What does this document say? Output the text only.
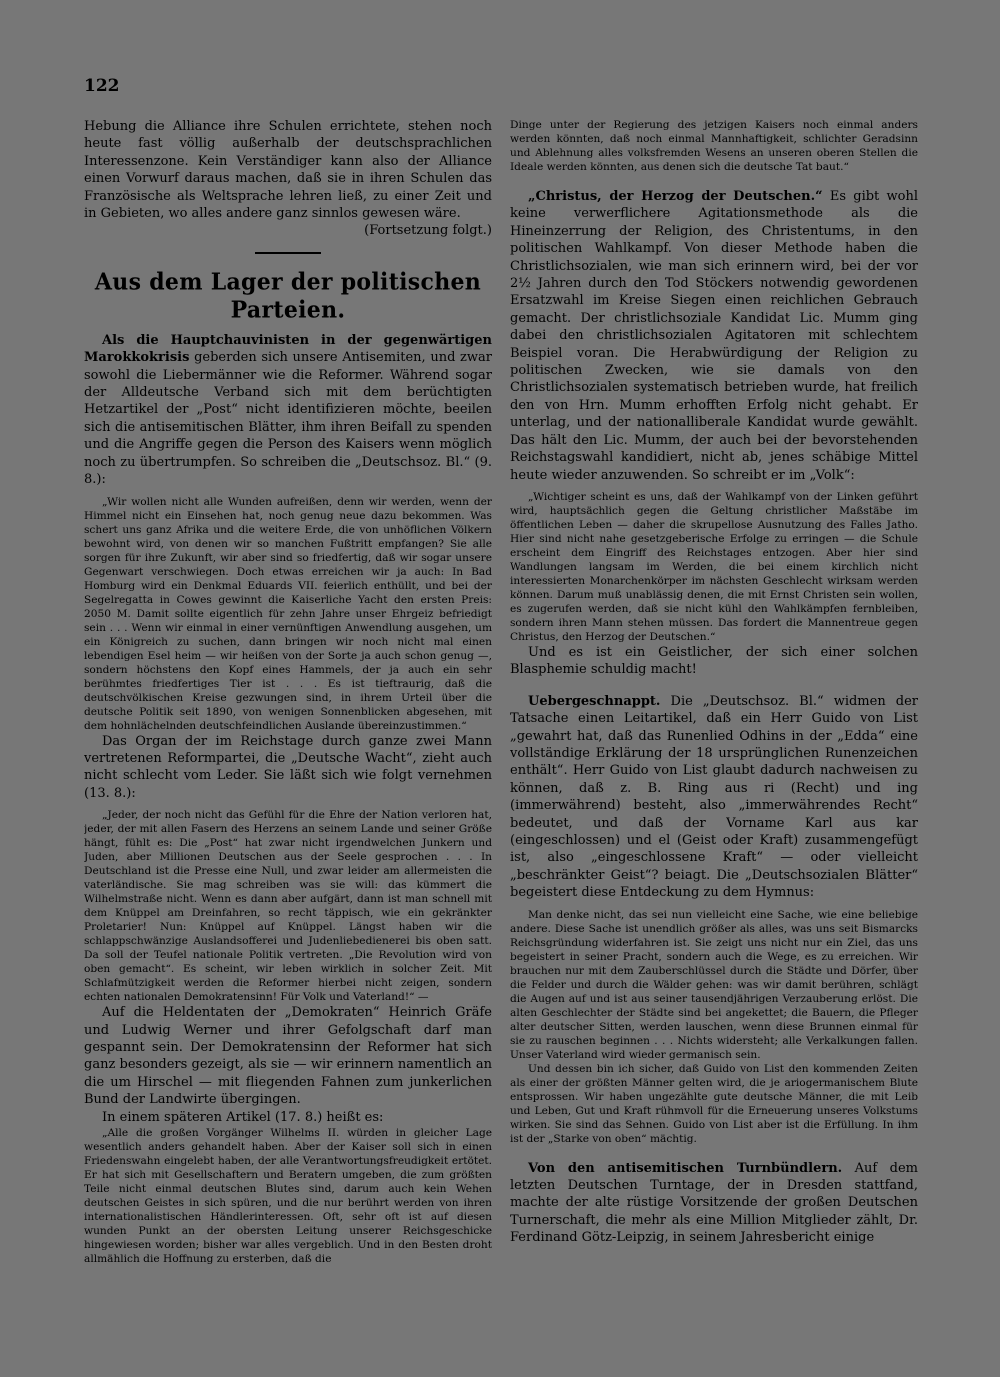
122

Hebung die Alliance ihre Schulen errichtete, stehen noch heute fast völlig außerhalb der deutschsprachlichen Interessenzone. Kein Verständiger kann also der Alliance einen Vorwurf daraus machen, daß sie in ihren Schulen das Französische als Weltsprache lehren ließ, zu einer Zeit und in Gebieten, wo alles andere ganz sinnlos gewesen wäre.

(Fortsetzung folgt.)

Aus dem Lager der politischen Parteien.

Als die Hauptchauvinisten in der gegenwärtigen Marokkokrisis geberden sich unsere Antisemiten, und zwar sowohl die Liebermänner wie die Reformer. Während sogar der Alldeutsche Verband sich mit dem berüchtigten Hetzartikel der „Post“ nicht identifizieren möchte, beeilen sich die antisemitischen Blätter, ihm ihren Beifall zu spenden und die Angriffe gegen die Person des Kaisers wenn möglich noch zu übertrumpfen. So schreiben die „Deutschsoz. Bl.“ (9. 8.):

„Wir wollen nicht alle Wunden aufreißen, denn wir werden, wenn der Himmel nicht ein Einsehen hat, noch genug neue dazu bekommen. Was schert uns ganz Afrika und die weitere Erde, die von unhöflichen Völkern bewohnt wird, von denen wir so manchen Fußtritt empfangen? Sie alle sorgen für ihre Zukunft, wir aber sind so friedfertig, daß wir sogar unsere Gegenwart verschwiegen. Doch etwas erreichen wir ja auch: In Bad Homburg wird ein Denkmal Eduards VII. feierlich enthüllt, und bei der Segelregatta in Cowes gewinnt die Kaiserliche Yacht den ersten Preis: 2050 M. Damit sollte eigentlich für zehn Jahre unser Ehrgeiz befriedigt sein . . . Wenn wir einmal in einer vernünftigen Anwendlung ausgehen, um ein Königreich zu suchen, dann bringen wir noch nicht mal einen lebendigen Esel heim — wir heißen von der Sorte ja auch schon genug —, sondern höchstens den Kopf eines Hammels, der ja auch ein sehr berühmtes friedfertiges Tier ist . . . Es ist tieftraurig, daß die deutschvölkischen Kreise gezwungen sind, in ihrem Urteil über die deutsche Politik seit 1890, von wenigen Sonnenblicken abgesehen, mit dem hohnlächelnden deutschfeindlichen Auslande übereinzustimmen.“

Das Organ der im Reichstage durch ganze zwei Mann vertretenen Reformpartei, die „Deutsche Wacht“, zieht auch nicht schlecht vom Leder. Sie läßt sich wie folgt vernehmen (13. 8.):

„Jeder, der noch nicht das Gefühl für die Ehre der Nation verloren hat, jeder, der mit allen Fasern des Herzens an seinem Lande und seiner Größe hängt, fühlt es: Die „Post“ hat zwar nicht irgendwelchen Junkern und Juden, aber Millionen Deutschen aus der Seele gesprochen . . . In Deutschland ist die Presse eine Null, und zwar leider am allermeisten die vaterländische. Sie mag schreiben was sie will: das kümmert die Wilhelmstraße nicht. Wenn es dann aber aufgärt, dann ist man schnell mit dem Knüppel am Dreinfahren, so recht täppisch, wie ein gekränkter Proletarier! Nun: Knüppel auf Knüppel. Längst haben wir die schlappschwänzige Auslandsofferei und Judenliebedienerei bis oben satt. Da soll der Teufel nationale Politik vertreten. „Die Revolution wird von oben gemacht“. Es scheint, wir leben wirklich in solcher Zeit. Mit Schlafmützigkeit werden die Reformer hierbei nicht zeigen, sondern echten nationalen Demokratensinn! Für Volk und Vaterland!“ —

Auf die Heldentaten der „Demokraten“ Heinrich Gräfe und Ludwig Werner und ihrer Gefolgschaft darf man gespannt sein. Der Demokratensinn der Reformer hat sich ganz besonders gezeigt, als sie — wir erinnern namentlich an die um Hirschel — mit fliegenden Fahnen zum junkerlichen Bund der Landwirte übergingen.

In einem späteren Artikel (17. 8.) heißt es:

„Alle die großen Vorgänger Wilhelms II. würden in gleicher Lage wesentlich anders gehandelt haben. Aber der Kaiser soll sich in einen Friedenswahn eingelebt haben, der alle Verantwortungsfreudigkeit ertötet. Er hat sich mit Gesellschaftern und Beratern umgeben, die zum größten Teile nicht einmal deutschen Blutes sind, darum auch kein Wehen deutschen Geistes in sich spüren, und die nur berührt werden von ihren internationalistischen Händlerinteressen. Oft, sehr oft ist auf diesen wunden Punkt an der obersten Leitung unserer Reichsgeschicke hingewiesen worden; bisher war alles vergeblich. Und in den Besten droht allmählich die Hoffnung zu ersterben, daß die

Dinge unter der Regierung des jetzigen Kaisers noch einmal anders werden könnten, daß noch einmal Mannhaftigkeit, schlichter Geradsinn und Ablehnung alles volksfremden Wesens an unseren oberen Stellen die Ideale werden könnten, aus denen sich die deutsche Tat baut.“

„Christus, der Herzog der Deutschen.“ Es gibt wohl keine verwerflichere Agitationsmethode als die Hineinzerrung der Religion, des Christentums, in den politischen Wahlkampf. Von dieser Methode haben die Christlichsozialen, wie man sich erinnern wird, bei der vor 2½ Jahren durch den Tod Stöckers notwendig gewordenen Ersatzwahl im Kreise Siegen einen reichlichen Gebrauch gemacht. Der christlichsoziale Kandidat Lic. Mumm ging dabei den christlichsozialen Agitatoren mit schlechtem Beispiel voran. Die Herabwürdigung der Religion zu politischen Zwecken, wie sie damals von den Christlichsozialen systematisch betrieben wurde, hat freilich den von Hrn. Mumm erhofften Erfolg nicht gehabt. Er unterlag, und der nationalliberale Kandidat wurde gewählt. Das hält den Lic. Mumm, der auch bei der bevorstehenden Reichstagswahl kandidiert, nicht ab, jenes schäbige Mittel heute wieder anzuwenden. So schreibt er im „Volk“:

„Wichtiger scheint es uns, daß der Wahlkampf von der Linken geführt wird, hauptsächlich gegen die Geltung christlicher Maßstäbe im öffentlichen Leben — daher die skrupellose Ausnutzung des Falles Jatho. Hier sind nicht nahe gesetzgeberische Erfolge zu erringen — die Schule erscheint dem Eingriff des Reichstages entzogen. Aber hier sind Wandlungen langsam im Werden, die bei einem kirchlich nicht interessierten Monarchenkörper im nächsten Geschlecht wirksam werden können. Darum muß unablässig denen, die mit Ernst Christen sein wollen, es zugerufen werden, daß sie nicht kühl den Wahlkämpfen fernbleiben, sondern ihren Mann stehen müssen. Das fordert die Mannentreue gegen Christus, den Herzog der Deutschen.“

Und es ist ein Geistlicher, der sich einer solchen Blasphemie schuldig macht!

Uebergeschnappt. Die „Deutschsoz. Bl.“ widmen der Tatsache einen Leitartikel, daß ein Herr Guido von List „gewahrt hat, daß das Runenlied Odhins in der „Edda“ eine vollständige Erklärung der 18 ursprünglichen Runenzeichen enthält“. Herr Guido von List glaubt dadurch nachweisen zu können, daß z. B. Ring aus ri (Recht) und ing (immerwährend) besteht, also „immerwährendes Recht“ bedeutet, und daß der Vorname Karl aus kar (eingeschlossen) und el (Geist oder Kraft) zusammengefügt ist, also „eingeschlossene Kraft“ — oder vielleicht „beschränkter Geist“? beiagt. Die „Deutschsozialen Blätter“ begeistert diese Entdeckung zu dem Hymnus:

Man denke nicht, das sei nun vielleicht eine Sache, wie eine beliebige andere. Diese Sache ist unendlich größer als alles, was uns seit Bismarcks Reichsgründung widerfahren ist. Sie zeigt uns nicht nur ein Ziel, das uns begeistert in seiner Pracht, sondern auch die Wege, es zu erreichen. Wir brauchen nur mit dem Zauberschlüssel durch die Städte und Dörfer, über die Felder und durch die Wälder gehen: was wir damit berühren, schlägt die Augen auf und ist aus seiner tausendjährigen Verzauberung erlöst. Die alten Geschlechter der Städte sind bei angekettet; die Bauern, die Pfleger alter deutscher Sitten, werden lauschen, wenn diese Brunnen einmal für sie zu rauschen beginnen . . . Nichts widersteht; alle Verkalkungen fallen. Unser Vaterland wird wieder germanisch sein.

Und dessen bin ich sicher, daß Guido von List den kommenden Zeiten als einer der größten Männer gelten wird, die je ariogermanischem Blute entsprossen. Wir haben ungezählte gute deutsche Männer, die mit Leib und Leben, Gut und Kraft rühmvoll für die Erneuerung unseres Volkstums wirken. Sie sind das Sehnen. Guido von List aber ist die Erfüllung. In ihm ist der „Starke von oben“ mächtig.

Von den antisemitischen Turnbündlern. Auf dem letzten Deutschen Turntage, der in Dresden stattfand, machte der alte rüstige Vorsitzende der großen Deutschen Turnerschaft, die mehr als eine Million Mitglieder zählt, Dr. Ferdinand Götz-Leipzig, in seinem Jahresbericht einige
